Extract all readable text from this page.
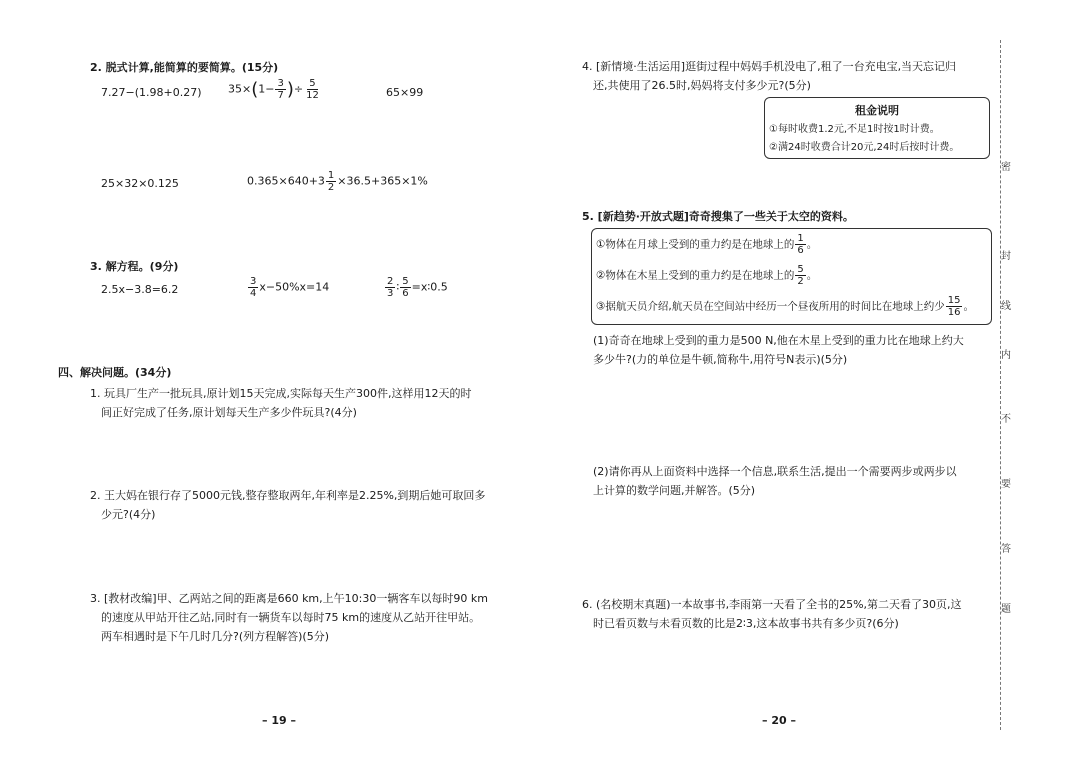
2. 脱式计算,能简算的要简算。(15分)
7.27−(1.98+0.27) $35\times(1- \frac{3}{7}$ )÷ $\frac{5}{12}$	65×99
25×32×0.125	$0.365\times 640+3 \frac{1}{2} \times 36.5+365\times 1\%$
3. 解方程。(9分)
2.5x−3.8=6.2	$\frac{3}{4} x-50\%x=14$	$\frac{2}{3}$ ∶ $\frac{5}{6}$ =x∶0.5
四、解决问题。(34分)
1. 玩具厂生产一批玩具,原计划15天完成,实际每天生产300件,这样用12天的时
间正好完成了任务,原计划每天生产多少件玩具?(4分)
2. 王大妈在银行存了5000元钱,整存整取两年,年利率是2.25%,到期后她可取回多
少元?(4分)
3. [教材改编]甲、乙两站之间的距离是660 km,上午10:30一辆客车以每时90 km
的速度从甲站开往乙站,同时有一辆货车以每时75 km的速度从乙站开往甲站。
两车相遇时是下午几时几分?(列方程解答)(5分)
– 19 –
4. [新情境·生活运用]逛街过程中妈妈手机没电了,租了一台充电宝,当天忘记归
还,共使用了26.5时,妈妈将支付多少元?(5分)
租金说明
①每时收费1.2元,不足1时按1时计费。
②满24时收费合计20元,24时后按时计费。
5. [新趋势·开放式题]奇奇搜集了一些关于太空的资料。
①物体在月球上受到的重力约是在地球上的 $\frac{1}{6}$ 。
②物体在木星上受到的重力约是在地球上的 $\frac{5}{2}$ 。
③据航天员介绍,航天员在空间站中经历一个昼夜所用的时间比在地球上约少 $\frac{15}{16}$ 。
(1)奇奇在地球上受到的重力是500 N,他在木星上受到的重力比在地球上约大
多少牛?(力的单位是牛顿,简称牛,用符号N表示)(5分)
(2)请你再从上面资料中选择一个信息,联系生活,提出一个需要两步或两步以
上计算的数学问题,并解答。(5分)
6. (名校期末真题)一本故事书,李雨第一天看了全书的25%,第二天看了30页,这
时已看页数与未看页数的比是2∶3,这本故事书共有多少页?(6分)
– 20 –
密
封
线
内
不
要
答
题
